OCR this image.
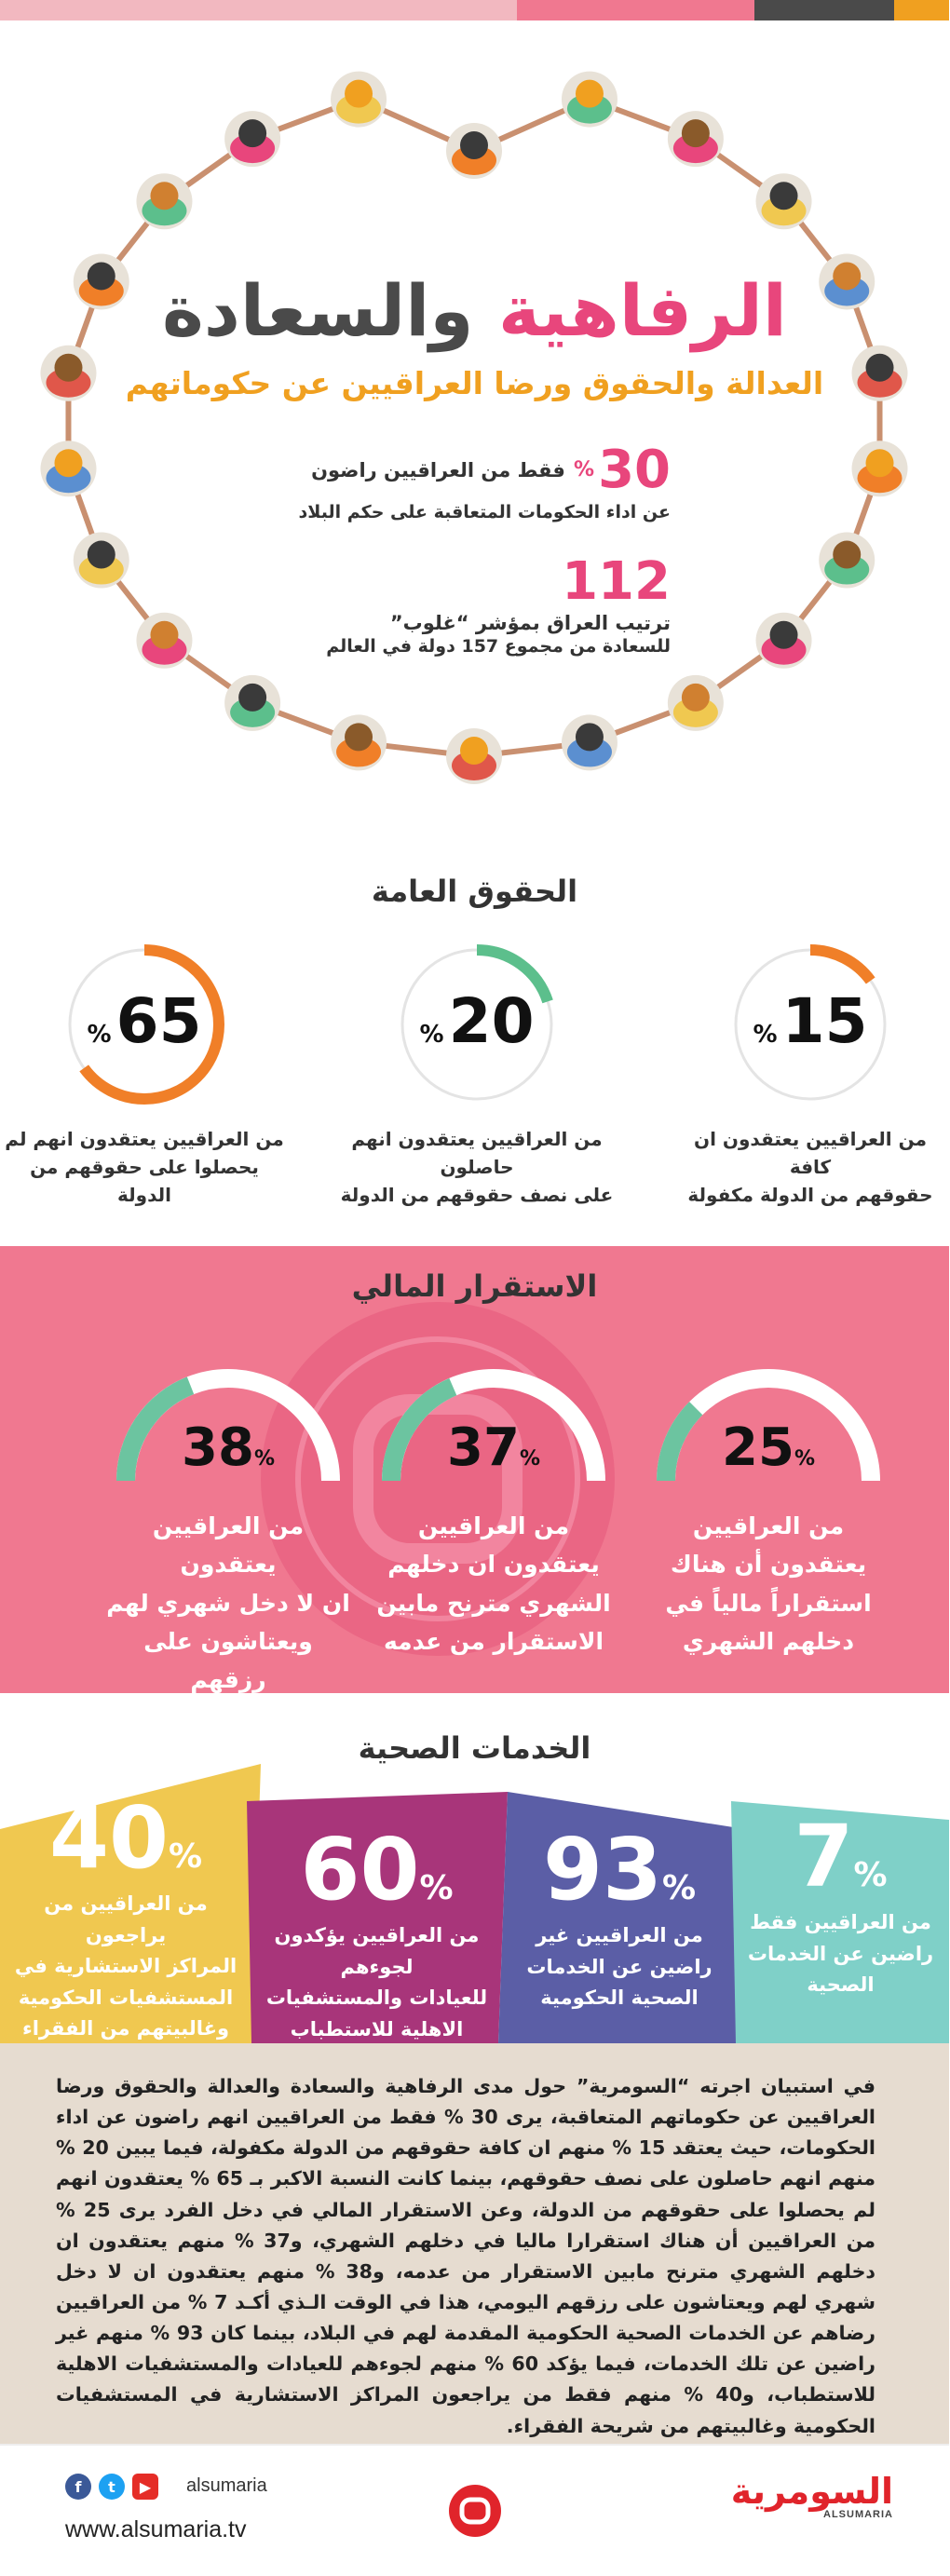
الرفاهية والسعادة
العدالة والحقوق ورضا العراقيين عن حكوماتهم
30% فقط من العراقيين راضون
عن اداء الحكومات المتعاقبة على حكم البلاد
112 ترتيب العراق بمؤشر “غلوب”
للسعادة من مجموع 157 دولة في العالم
الحقوق العامة
15 %
من العراقيين يعتقدون ان كافة
حقوقهم من الدولة مكفولة
20 %
من العراقيين يعتقدون انهم حاصلون
على نصف حقوقهم من الدولة
65 %
من العراقيين يعتقدون انهم لم
يحصلوا على حقوقهم من الدولة
الاستقرار المالي
25%
من العراقيين
يعتقدون أن هناك
استقراراً مالياً في
دخلهم الشهري
37%
من العراقيين
يعتقدون ان دخلهم
الشهري مترنح مابين
الاستقرار من عدمه
38%
من العراقيين يعتقدون
ان لا دخل شهري لهم
ويعتاشون على رزقهم
اليومي
الخدمات الصحية
7%
من العراقيين فقط
راضين عن الخدمات
الصحية
93%
من العراقيين غير
راضين عن الخدمات
الصحية الحكومية
60%
من العراقيين يؤكدون لجوءهم
للعيادات والمستشفيات
الاهلية للاستطباب
40%
من العراقيين من يراجعون
المراكز الاستشارية في
المستشفيات الحكومية
وغالبيتهم من الفقراء

في استبيان اجرته “السومرية” حول مدى الرفاهية والسعادة والعدالة والحقوق ورضا العراقيين عن حكوماتهم المتعاقبة، يرى 30 % فقط من العراقيين انهم راضون عن اداء الحكومات، حيث يعتقد 15 % منهم ان كافة حقوقهم من الدولة مكفولة، فيما يبين 20 % منهم انهم حاصلون على نصف حقوقهم، بينما كانت النسبة الاكبر بـ 65 % يعتقدون انهم لم يحصلوا على حقوقهم من الدولة، وعن الاستقرار المالي في دخل الفرد يرى 25 % من العراقيين أن هناك استقرارا ماليا في دخلهم الشهري، و37 % منهم يعتقدون ان دخلهم الشهري مترنح مابين الاستقرار من عدمه، و38 % منهم يعتقدون ان لا دخل شهري لهم ويعتاشون على رزقهم اليومي، هذا في الوقت الـذي أكـد 7 % من العراقيين رضاهم عن الخدمات الصحية الحكومية المقدمة لهم في البلاد، بينما كان 93 % منهم غير راضين عن تلك الخدمات، فيما يؤكد 60 % منهم لجوءهم للعيادات والمستشفيات الاهلية للاستطباب، و40 % منهم فقط من يراجعون المراكز الاستشارية في المستشفيات الحكومية وغالبيتهم من شريحة الفقراء.

f	t	▶	alsumaria
www.alsumaria.tv
السومرية
ALSUMARIA
